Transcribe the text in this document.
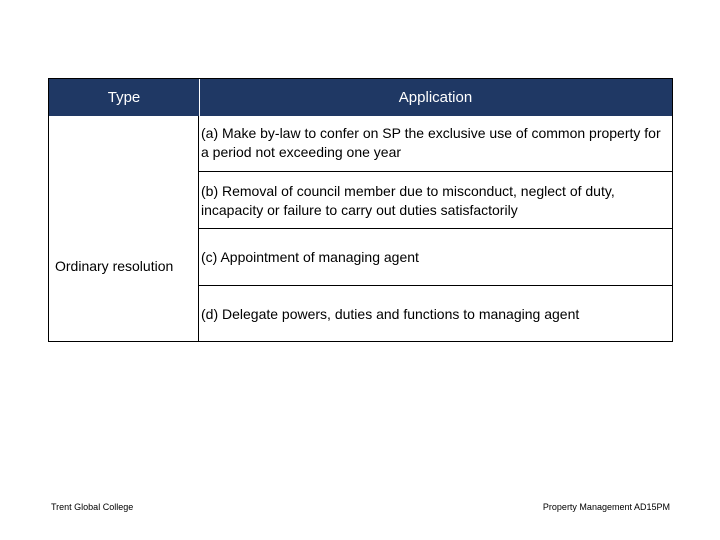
Type	Application
Ordinary resolution
(a) Make by-law to confer on SP the exclusive use of common property for a period not exceeding one year
(b) Removal of council member due to misconduct, neglect of duty, incapacity or failure to carry out duties satisfactorily
(c) Appointment of managing agent
(d) Delegate powers, duties and functions to managing agent
Trent Global College	Property Management AD15PM
